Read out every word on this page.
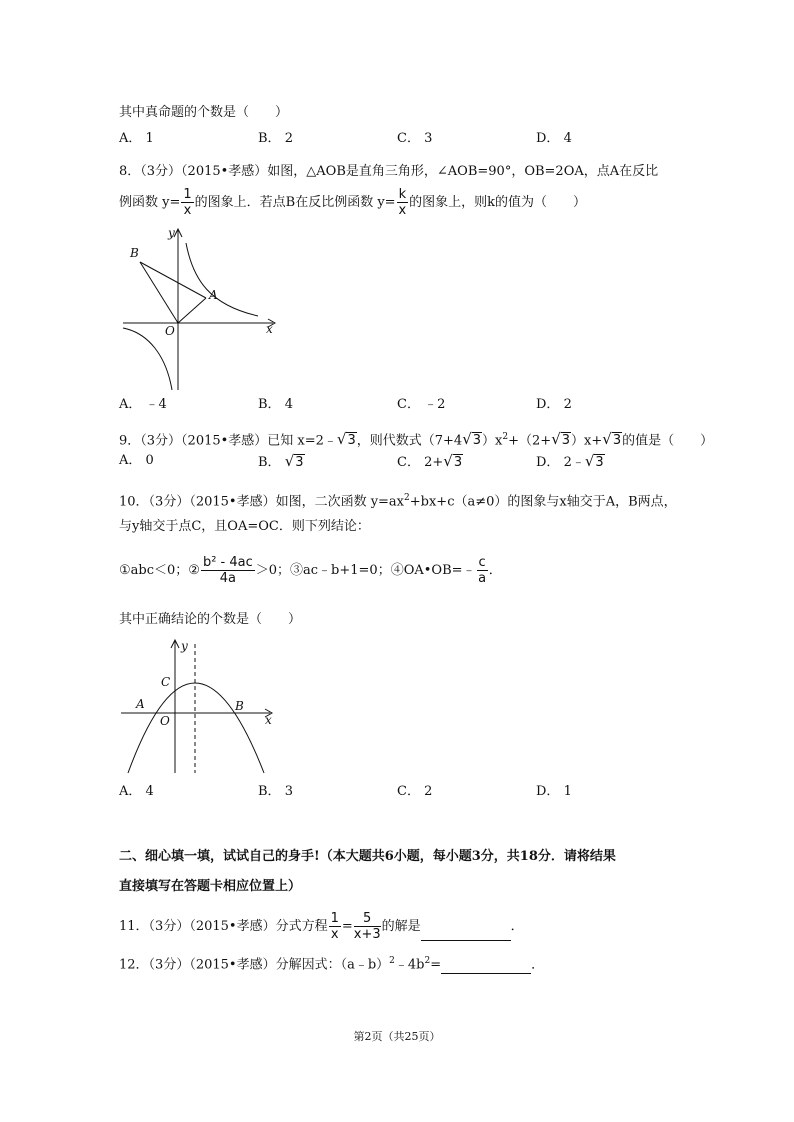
其中真命题的个数是（　　）
A． 1	B． 2	C． 3	D． 4
8．（3分）（2015•孝感）如图，△AOB是直角三角形，∠AOB=90°，OB=2OA，点A在反比
例函数 $y= \frac{1}{x}$ 的图象上．若点B在反比例函数 $y= \frac{k}{x}$ 的图象上，则k的值为（　　）
B
A
O	x
y
A． ﹣4	B． 4	C． ﹣2	D． 2
9．（3分）（2015•孝感）已知 x=2﹣√3，则代数式$(7+4√3)x^2+(2+√3)x+√3$的值是（　　）
A． 0	B． √3	C． 2+√3	D． 2﹣√3
10．（3分）（2015•孝感）如图，二次函数 $y=ax^2+bx+c(a\ne 0)$的图象与x轴交于A，B两点，
与y轴交于点C，且OA=OC．则下列结论：
①abc＜0；② $\frac{\text{b² - 4ac}}{4a} >0$；③ac﹣b+1=0；④OA•OB=﹣ $\frac{c}{a}$ ．
其中正确结论的个数是（　　）
C
A	B
O	x
y
A． 4	B． 3	C． 2	D． 1
二、细心填一填，试试自己的身手!（本大题共6小题，每小题3分，共18分．请将结果
直接填写在答题卡相应位置上）
11．（3分）（2015•孝感）分式方程 $\frac{1}{x} = \frac{5}{x+3}$ 的解是	．
12．（3分）（2015•孝感）分解因式：$(a﹣b)^2﹣4b^2=$	．
第2页（共25页）
